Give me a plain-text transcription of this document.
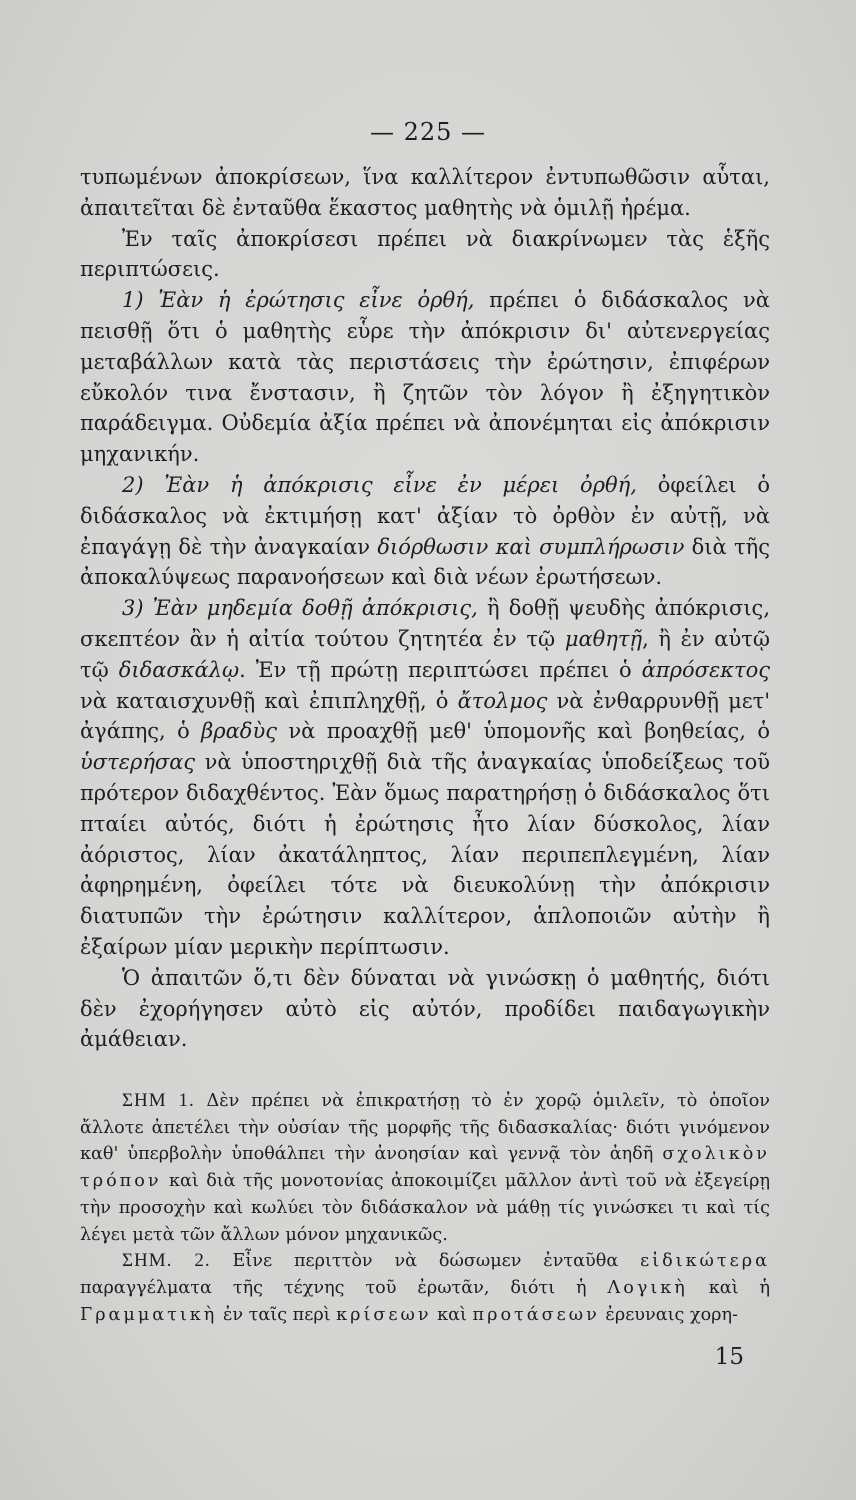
— 225 —

τυπωμένων ἀποκρίσεων, ἵνα καλλίτερον ἐντυπωθῶσιν αὗται, ἀπαιτεῖται δὲ ἐνταῦθα ἕκαστος μαθητὴς νὰ ὁμιλῇ ἠρέμα.

Ἐν ταῖς ἀποκρίσεσι πρέπει νὰ διακρίνωμεν τὰς ἑξῆς περιπτώσεις.

1) Ἐὰν ἡ ἐρώτησις εἶνε ὀρθή, πρέπει ὁ διδάσκαλος νὰ πεισθῇ ὅτι ὁ μαθητὴς εὗρε τὴν ἀπόκρισιν δι' αὐτενεργείας μεταβάλλων κατὰ τὰς περιστάσεις τὴν ἐρώτησιν, ἐπιφέρων εὔκολόν τινα ἔνστασιν, ἢ ζητῶν τὸν λόγον ἢ ἐξηγητικὸν παράδειγμα. Οὐδεμία ἀξία πρέπει νὰ ἀπονέμηται εἰς ἀπόκρισιν μηχανικήν.

2) Ἐὰν ἡ ἀπόκρισις εἶνε ἐν μέρει ὀρθή, ὀφείλει ὁ διδάσκαλος νὰ ἐκτιμήσῃ κατ' ἀξίαν τὸ ὀρθὸν ἐν αὐτῇ, νὰ ἐπαγάγῃ δὲ τὴν ἀναγκαίαν διόρθωσιν καὶ συμπλήρωσιν διὰ τῆς ἀποκαλύψεως παρανοήσεων καὶ διὰ νέων ἐρωτήσεων.

3) Ἐὰν μηδεμία δοθῇ ἀπόκρισις, ἢ δοθῇ ψευδὴς ἀπόκρισις, σκεπτέον ἂν ἡ αἰτία τούτου ζητητέα ἐν τῷ μαθητῇ, ἢ ἐν αὐτῷ τῷ διδασκάλῳ. Ἐν τῇ πρώτῃ περιπτώσει πρέπει ὁ ἀπρόσεκτος νὰ καταισχυνθῇ καὶ ἐπιπληχθῇ, ὁ ἄτολμος νὰ ἐνθαρρυνθῇ μετ' ἀγάπης, ὁ βραδὺς νὰ προαχθῇ μεθ' ὑπομονῆς καὶ βοηθείας, ὁ ὑστερήσας νὰ ὑποστηριχθῇ διὰ τῆς ἀναγκαίας ὑποδείξεως τοῦ πρότερον διδαχθέντος. Ἐὰν ὅμως παρατηρήσῃ ὁ διδάσκαλος ὅτι πταίει αὐτός, διότι ἡ ἐρώτησις ἦτο λίαν δύσκολος, λίαν ἀόριστος, λίαν ἀκατάληπτος, λίαν περιπεπλεγμένη, λίαν ἀφηρημένη, ὀφείλει τότε νὰ διευκολύνῃ τὴν ἀπόκρισιν διατυπῶν τὴν ἐρώτησιν καλλίτερον, ἁπλοποιῶν αὐτὴν ἢ ἐξαίρων μίαν μερικὴν περίπτωσιν.

Ὁ ἀπαιτῶν ὅ,τι δὲν δύναται νὰ γινώσκῃ ὁ μαθητής, διότι δὲν ἐχορήγησεν αὐτὸ εἰς αὐτόν, προδίδει παιδαγωγικὴν ἀμάθειαν.

ΣΗΜ 1. Δὲν πρέπει νὰ ἐπικρατήσῃ τὸ ἐν χορῷ ὁμιλεῖν, τὸ ὁποῖον ἄλλοτε ἀπετέλει τὴν οὐσίαν τῆς μορφῆς τῆς διδασκαλίας· διότι γινόμενον καθ' ὑπερβολὴν ὑποθάλπει τὴν ἀνοησίαν καὶ γεννᾷ τὸν ἀηδῆ σχολικὸν τρόπον καὶ διὰ τῆς μονοτονίας ἀποκοιμίζει μᾶλλον ἀντὶ τοῦ νὰ ἐξεγείρῃ τὴν προσοχὴν καὶ κωλύει τὸν διδάσκαλον νὰ μάθῃ τίς γινώσκει τι καὶ τίς λέγει μετὰ τῶν ἄλλων μόνον μηχανικῶς.

ΣΗΜ. 2. Εἶνε περιττὸν νὰ δώσωμεν ἐνταῦθα εἰδικώτερα παραγγέλματα τῆς τέχνης τοῦ ἐρωτᾶν, διότι ἡ Λογικὴ καὶ ἡ Γραμματικὴ ἐν ταῖς περὶ κρίσεων καὶ προτάσεων ἐρευναις χορη-

15
